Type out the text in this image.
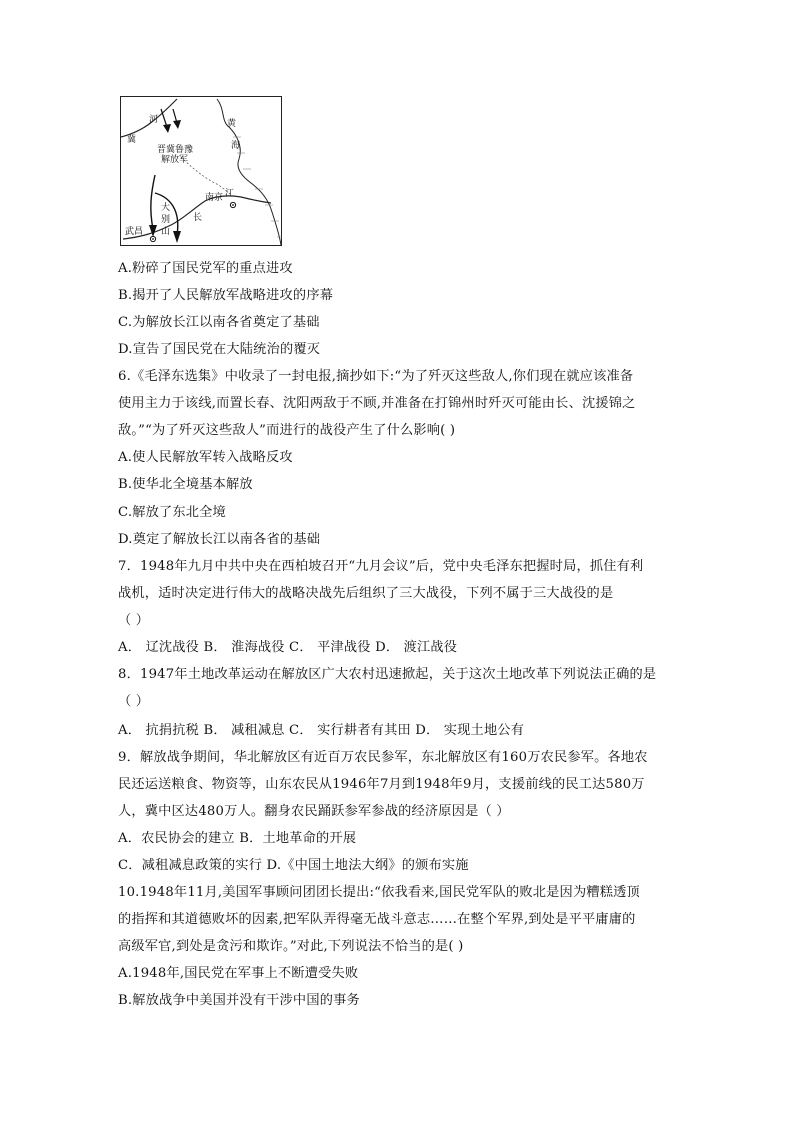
冀
河	黄
海
晋冀鲁豫
解放军
南京 江
长
大
别
山
武昌
A.粉碎了国民党军的重点进攻
B.揭开了人民解放军战略进攻的序幕
C.为解放长江以南各省奠定了基础
D.宣告了国民党在大陆统治的覆灭
6.《毛泽东选集》中收录了一封电报,摘抄如下:“为了歼灭这些敌人,你们现在就应该准备
使用主力于该线,而置长春、沈阳两敌于不顾,并准备在打锦州时歼灭可能由长、沈援锦之
敌。”“为了歼灭这些敌人”而进行的战役产生了什么影响( )
A.使人民解放军转入战略反攻
B.使华北全境基本解放
C.解放了东北全境
D.奠定了解放长江以南各省的基础
7．1948年九月中共中央在西柏坡召开“九月会议”后，党中央毛泽东把握时局，抓住有利
战机，适时决定进行伟大的战略决战先后组织了三大战役，下列不属于三大战役的是
（ ）
A． 辽沈战役 B． 淮海战役 C． 平津战役 D． 渡江战役
8．1947年土地改革运动在解放区广大农村迅速掀起，关于这次土地改革下列说法正确的是
（ ）
A． 抗捐抗税 B． 减租减息 C． 实行耕者有其田 D． 实现土地公有
9．解放战争期间，华北解放区有近百万农民参军，东北解放区有160万农民参军。各地农
民还运送粮食、物资等，山东农民从1946年7月到1948年9月，支援前线的民工达580万
人，冀中区达480万人。翻身农民踊跃参军参战的经济原因是（ ）
A．农民协会的建立 B．土地革命的开展
C．减租减息政策的实行 D.《中国土地法大纲》的颁布实施
10.1948年11月,美国军事顾问团团长提出:“依我看来,国民党军队的败北是因为糟糕透顶
的指挥和其道德败坏的因素,把军队弄得毫无战斗意志……在整个军界,到处是平平庸庸的
高级军官,到处是贪污和欺诈。”对此,下列说法不恰当的是( )
A.1948年,国民党在军事上不断遭受失败
B.解放战争中美国并没有干涉中国的事务
